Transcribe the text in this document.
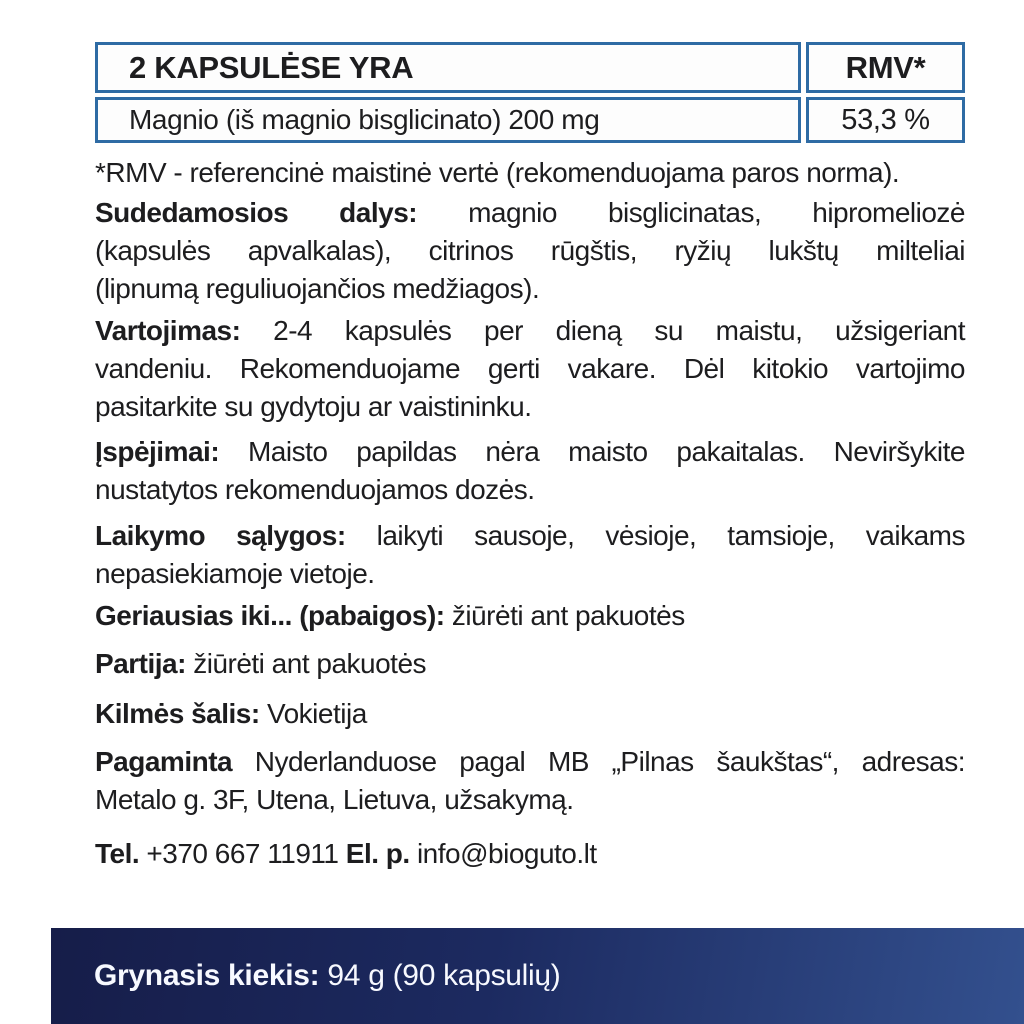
2 KAPSULĖSE YRA	RMV*
Magnio (iš magnio bisglicinato) 200 mg	53,3 %
*RMV - referencinė maistinė vertė (rekomenduojama paros norma).
Sudedamosios dalys: magnio bisglicinatas, hipromeliozė
(kapsulės apvalkalas), citrinos rūgštis, ryžių lukštų milteliai
(lipnumą reguliuojančios medžiagos).
Vartojimas: 2-4 kapsulės per dieną su maistu, užsigeriant
vandeniu. Rekomenduojame gerti vakare. Dėl kitokio vartojimo
pasitarkite su gydytoju ar vaistininku.
Įspėjimai: Maisto papildas nėra maisto pakaitalas. Neviršykite
nustatytos rekomenduojamos dozės.
Laikymo sąlygos: laikyti sausoje, vėsioje, tamsioje, vaikams
nepasiekiamoje vietoje.
Geriausias iki... (pabaigos): žiūrėti ant pakuotės
Partija: žiūrėti ant pakuotės
Kilmės šalis: Vokietija
Pagaminta Nyderlanduose pagal MB „Pilnas šaukštas“, adresas:
Metalo g. 3F, Utena, Lietuva, užsakymą.
Tel. +370 667 11911 El. p. info@bioguto.lt
Grynasis kiekis:
94 g (90 kapsulių)
